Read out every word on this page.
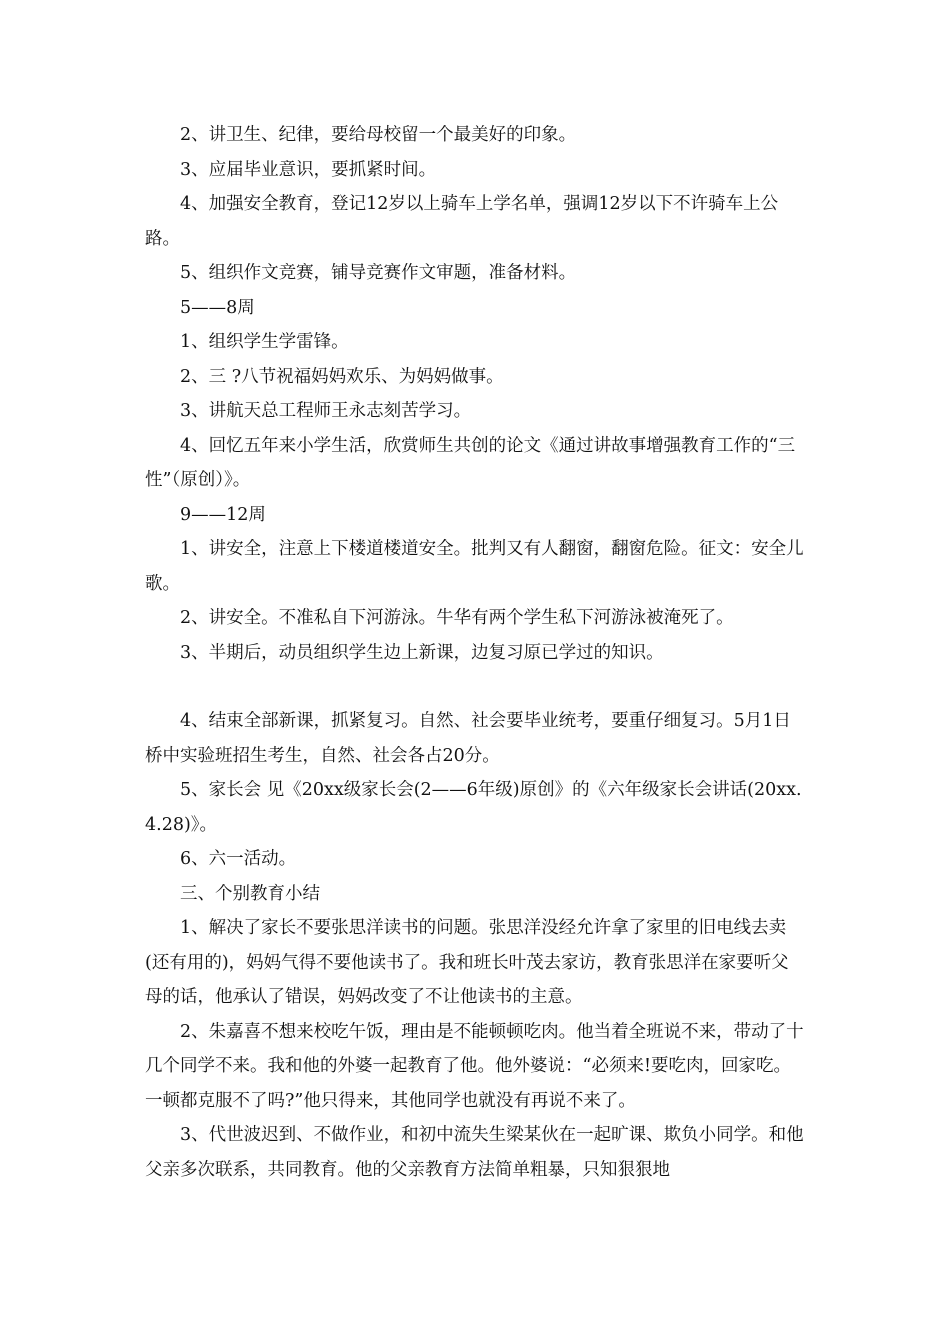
2、讲卫生、纪律，要给母校留一个最美好的印象。

3、应届毕业意识，要抓紧时间。

4、加强安全教育，登记12岁以上骑车上学名单，强调12岁以下不许骑车上公路。

5、组织作文竞赛，铺导竞赛作文审题，准备材料。

5——8周

1、组织学生学雷锋。

2、三 ?八节祝福妈妈欢乐、为妈妈做事。

3、讲航天总工程师王永志刻苦学习。

4、回忆五年来小学生活，欣赏师生共创的论文《通过讲故事增强教育工作的“三性”（原创）》。

9——12周

1、讲安全，注意上下楼道楼道安全。批判又有人翻窗，翻窗危险。征文：安全儿歌。

2、讲安全。不准私自下河游泳。牛华有两个学生私下河游泳被淹死了。

3、半期后，动员组织学生边上新课，边复习原已学过的知识。

4、结束全部新课，抓紧复习。自然、社会要毕业统考，要重仔细复习。5月1日桥中实验班招生考生，自然、社会各占20分。

5、家长会 见《20xx级家长会(2——6年级)原创》的《六年级家长会讲话(20xx.4.28)》。

6、六一活动。

三、个别教育小结

1、解决了家长不要张思洋读书的问题。张思洋没经允许拿了家里的旧电线去卖(还有用的)，妈妈气得不要他读书了。我和班长叶茂去家访，教育张思洋在家要听父母的话，他承认了错误，妈妈改变了不让他读书的主意。

2、朱嘉喜不想来校吃午饭，理由是不能顿顿吃肉。他当着全班说不来，带动了十几个同学不来。我和他的外婆一起教育了他。他外婆说：“必须来!要吃肉，回家吃。一顿都克服不了吗?”他只得来，其他同学也就没有再说不来了。

3、代世波迟到、不做作业，和初中流失生梁某伙在一起旷课、欺负小同学。和他父亲多次联系，共同教育。他的父亲教育方法简单粗暴，只知狠狠地
